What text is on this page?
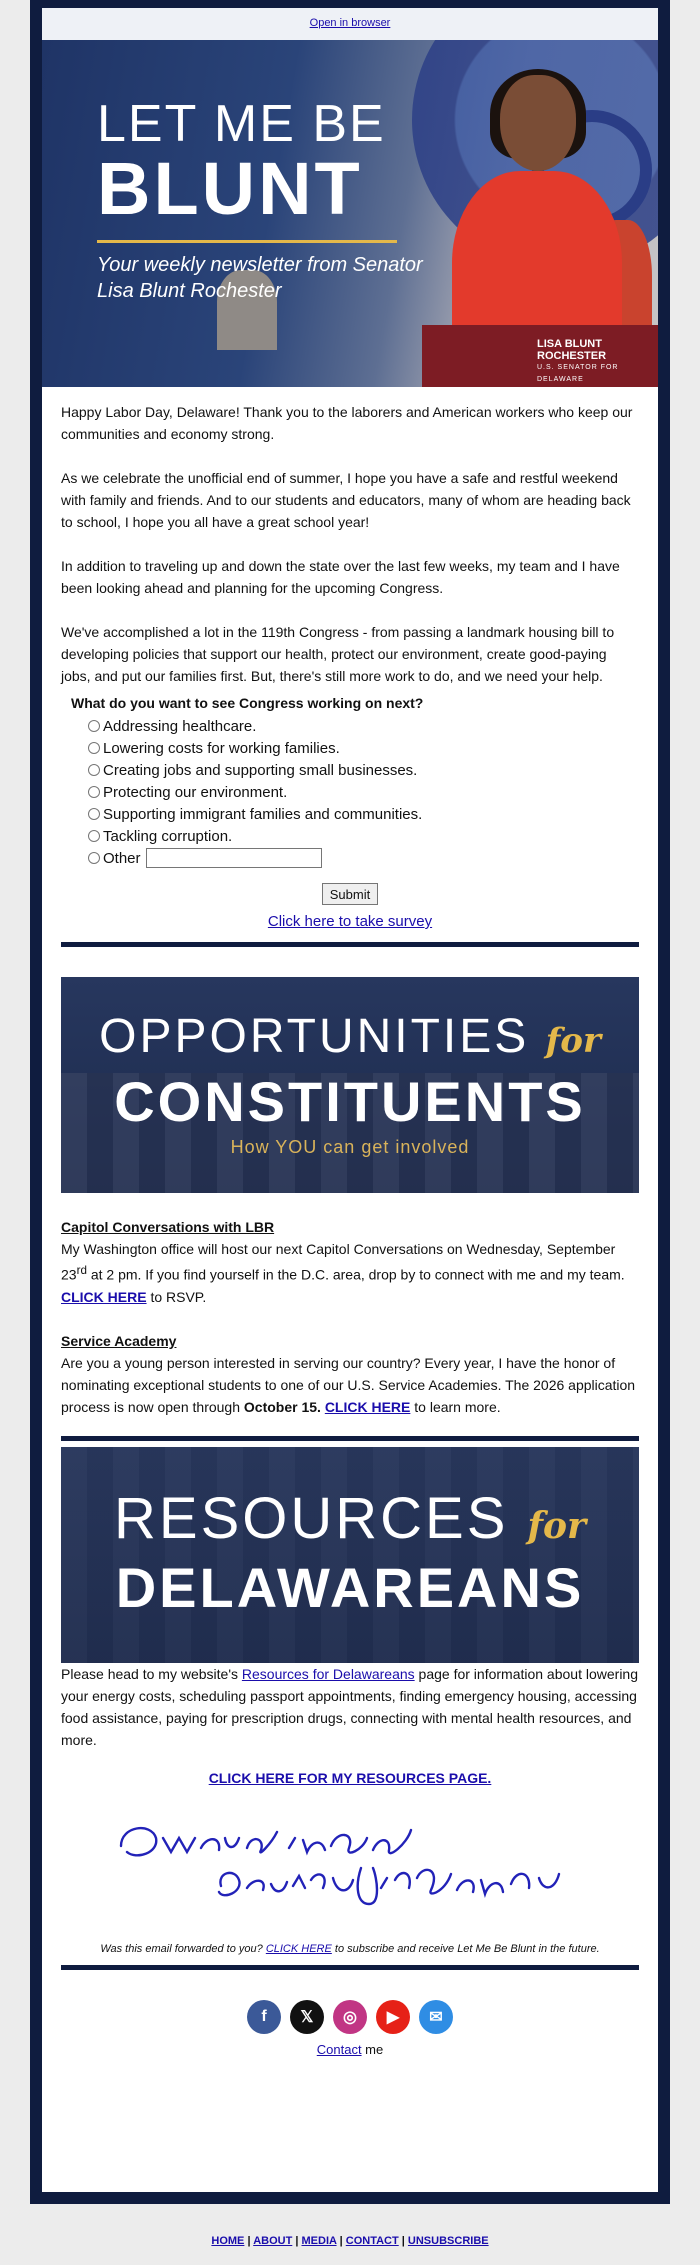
Open in browser
LET ME BE
BLUNT
Your weekly newsletter from Senator Lisa Blunt Rochester
LISA BLUNT ROCHESTER
U.S. SENATOR FOR DELAWARE

Happy Labor Day, Delaware! Thank you to the laborers and American workers who keep our communities and economy strong.

As we celebrate the unofficial end of summer, I hope you have a safe and restful weekend with family and friends. And to our students and educators, many of whom are heading back to school, I hope you all have a great school year!

In addition to traveling up and down the state over the last few weeks, my team and I have been looking ahead and planning for the upcoming Congress.

We've accomplished a lot in the 119th Congress - from passing a landmark housing bill to developing policies that support our health, protect our environment, create good-paying jobs, and put our families first. But, there's still more work to do, and we need your help.

What do you want to see Congress working on next?

Addressing healthcare.
Lowering costs for working families.
Creating jobs and supporting small businesses.
Protecting our environment.
Supporting immigrant families and communities.
Tackling corruption.
Other
Submit
Click here to take survey
OPPORTUNITIES for
CONSTITUENTS
How YOU can get involved

Capitol Conversations with LBR

My Washington office will host our next Capitol Conversations on Wednesday, September 23rd at 2 pm. If you find yourself in the D.C. area, drop by to connect with me and my team. CLICK HERE to RSVP.

Service Academy

Are you a young person interested in serving our country? Every year, I have the honor of nominating exceptional students to one of our U.S. Service Academies. The 2026 application process is now open through October 15. CLICK HERE to learn more.

RESOURCES for
DELAWAREANS

Please head to my website's Resources for Delawareans page for information about lowering your energy costs, scheduling passport appointments, finding emergency housing, accessing food assistance, paying for prescription drugs, connecting with mental health resources, and more.

CLICK HERE FOR MY RESOURCES PAGE.
Was this email forwarded to you? CLICK HERE to subscribe and receive Let Me Be Blunt in the future.
f	𝕏	◎	▶	✉
Contact me
HOME | ABOUT | MEDIA | CONTACT | UNSUBSCRIBE
